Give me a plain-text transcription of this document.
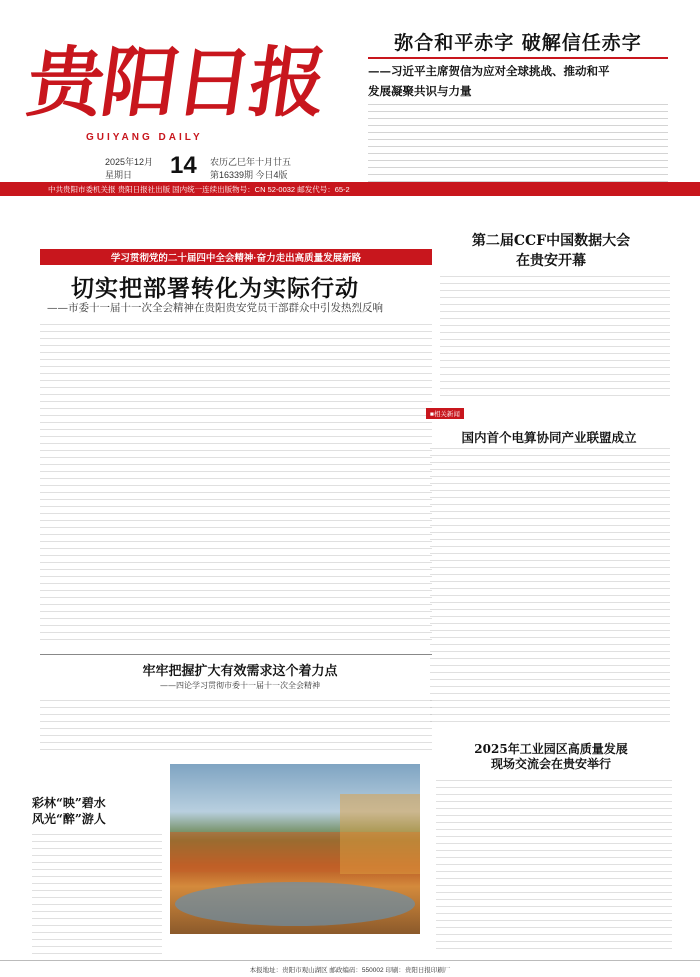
贵
阳
日
报
GUIYANG DAILY
2025年12月
星期日	14 农历乙巳年十月廿五
第16339期 今日4版
弥合和平赤字 破解信任赤字
——习近平主席贺信为应对全球挑战、推动和平
发展凝聚共识与力量
中共贵阳市委机关报 贵阳日报社出版 国内统一连续出版物号：CN 52-0032 邮发代号：65-2
学习贯彻党的二十届四中全会精神·奋力走出高质量发展新路
切实把部署转化为实际行动
——市委十一届十一次全会精神在贵阳贵安党员干部群众中引发热烈反响
第二届CCF中国数据大会
在贵安开幕
■相关新闻
国内首个电算协同产业联盟成立
牢牢把握扩大有效需求这个着力点
——四论学习贯彻市委十一届十一次全会精神
2025年工业园区高质量发展
现场交流会在贵安举行
彩林“映”碧水
风光“醉”游人
本报地址：贵阳市观山湖区 邮政编码：550002 印刷：贵阳日报印刷厂
